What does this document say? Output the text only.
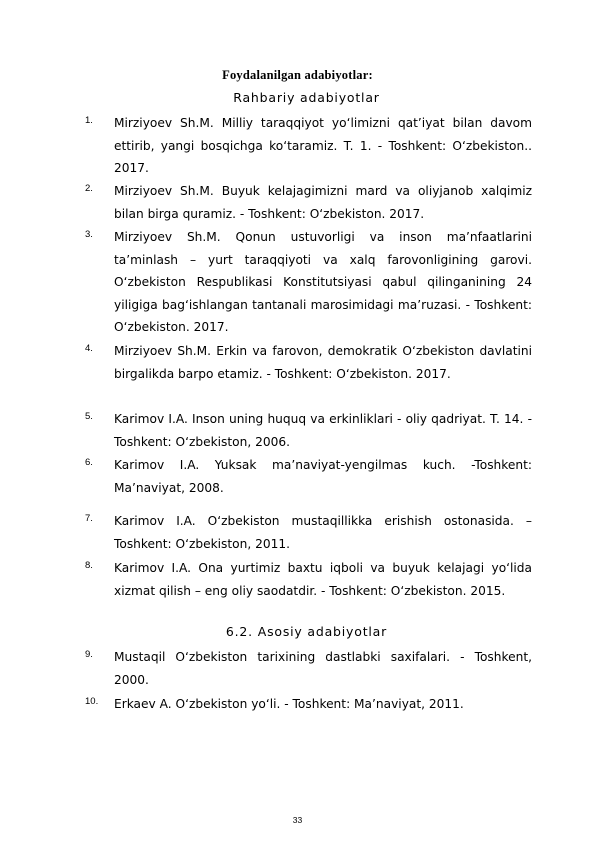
Foydalanilgan adabiyotlar:
Rahbariy adabiyotlar
1. Mirziyoev Sh.M. Milliy taraqqiyot yo‘limizni qat’iyat bilan davom ettirib, yangi bosqichga ko‘taramiz. T. 1. - Toshkent: O‘zbekiston.. 2017.
2. Mirziyoev Sh.M. Buyuk kelajagimizni mard va oliyjanob xalqimiz bilan birga quramiz. - Toshkent: O‘zbekiston. 2017.
3. Mirziyoev Sh.M. Qonun ustuvorligi va inson ma’nfaatlarini ta’minlash – yurt taraqqiyoti va xalq farovonligining garovi. O‘zbekiston Respublikasi Konstitutsiyasi qabul qilinganining 24 yiligiga bag‘ishlangan tantanali marosimidagi ma’ruzasi. - Toshkent: O‘zbekiston. 2017.
4. Mirziyoev Sh.M. Erkin va farovon, demokratik O‘zbekiston davlatini birgalikda barpo etamiz. - Toshkent: O‘zbekiston. 2017.
5. Karimov I.A. Inson uning huquq va erkinliklari - oliy qadriyat. T. 14. - Toshkent: O‘zbekiston, 2006.
6. Karimov I.A. Yuksak ma’naviyat-yengilmas kuch. -Toshkent: Ma’naviyat, 2008.
7. Karimov I.A. O‘zbekiston mustaqillikka erishish ostonasida. – Toshkent: O‘zbekiston, 2011.
8. Karimov I.A. Ona yurtimiz baxtu iqboli va buyuk kelajagi yo‘lida xizmat qilish – eng oliy saodatdir. - Toshkent: O‘zbekiston. 2015.
9. Mustaqil O‘zbekiston tarixining dastlabki saxifalari. - Toshkent, 2000.
10. Erkaev A. O‘zbekiston yo‘li. - Toshkent: Ma’naviyat, 2011.
6.2. Asosiy adabiyotlar
33
